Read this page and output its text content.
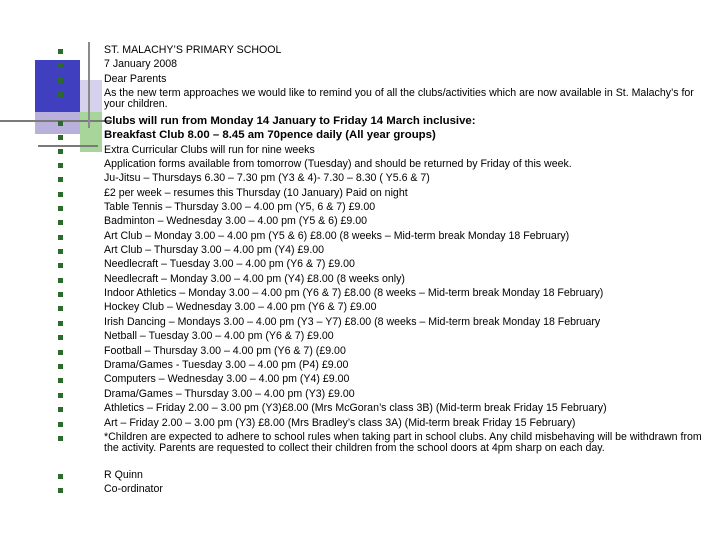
ST. MALACHY’S PRIMARY SCHOOL
7 January 2008
Dear Parents
As the new term approaches we would like to remind you of all the clubs/activities which are now available in St. Malachy’s for your children.
Clubs will run from Monday 14 January to Friday 14 March inclusive:
Breakfast Club 8.00 – 8.45 am 70pence daily (All year groups)
Extra Curricular Clubs will run for nine weeks
Application forms available from tomorrow (Tuesday) and should be returned by Friday of this week.
Ju-Jitsu – Thursdays 6.30 – 7.30 pm (Y3 & 4)- 7.30 – 8.30 ( Y5.6 & 7)
£2 per week – resumes this Thursday (10 January) Paid on night
Table Tennis – Thursday 3.00 – 4.00 pm (Y5, 6 & 7) £9.00
Badminton – Wednesday 3.00 – 4.00 pm (Y5 & 6) £9.00
Art Club – Monday 3.00 – 4.00 pm (Y5 & 6) £8.00 (8 weeks – Mid-term break Monday 18 February)
Art Club – Thursday 3.00 – 4.00 pm (Y4) £9.00
Needlecraft – Tuesday 3.00 – 4.00 pm (Y6 & 7) £9.00
Needlecraft – Monday 3.00 – 4.00 pm (Y4) £8.00 (8 weeks only)
Indoor Athletics – Monday 3.00 – 4.00 pm (Y6 & 7) £8.00 (8 weeks – Mid-term break Monday 18 February)
Hockey Club – Wednesday 3.00 – 4.00 pm (Y6 & 7) £9.00
Irish Dancing – Mondays 3.00 – 4.00 pm (Y3 – Y7) £8.00 (8 weeks – Mid-term break Monday 18 February
Netball – Tuesday 3.00 – 4.00 pm (Y6 & 7) £9.00
Football – Thursday 3.00 – 4.00 pm (Y6 & 7) (£9.00
Drama/Games - Tuesday 3.00 – 4.00 pm (P4) £9.00
Computers – Wednesday 3.00 – 4.00 pm (Y4) £9.00
Drama/Games – Thursday 3.00 – 4.00 pm (Y3) £9.00
Athletics – Friday 2.00 – 3.00 pm (Y3)£8.00 (Mrs McGoran’s class 3B) (Mid-term break Friday 15 February)
Art – Friday 2.00 – 3.00 pm (Y3) £8.00 (Mrs Bradley’s class 3A) (Mid-term break Friday 15 February)
*Children are expected to adhere to school rules when taking part in school clubs. Any child misbehaving will be withdrawn from the activity. Parents are requested to collect their children from the school doors at 4pm sharp on each day.
R Quinn
Co-ordinator
